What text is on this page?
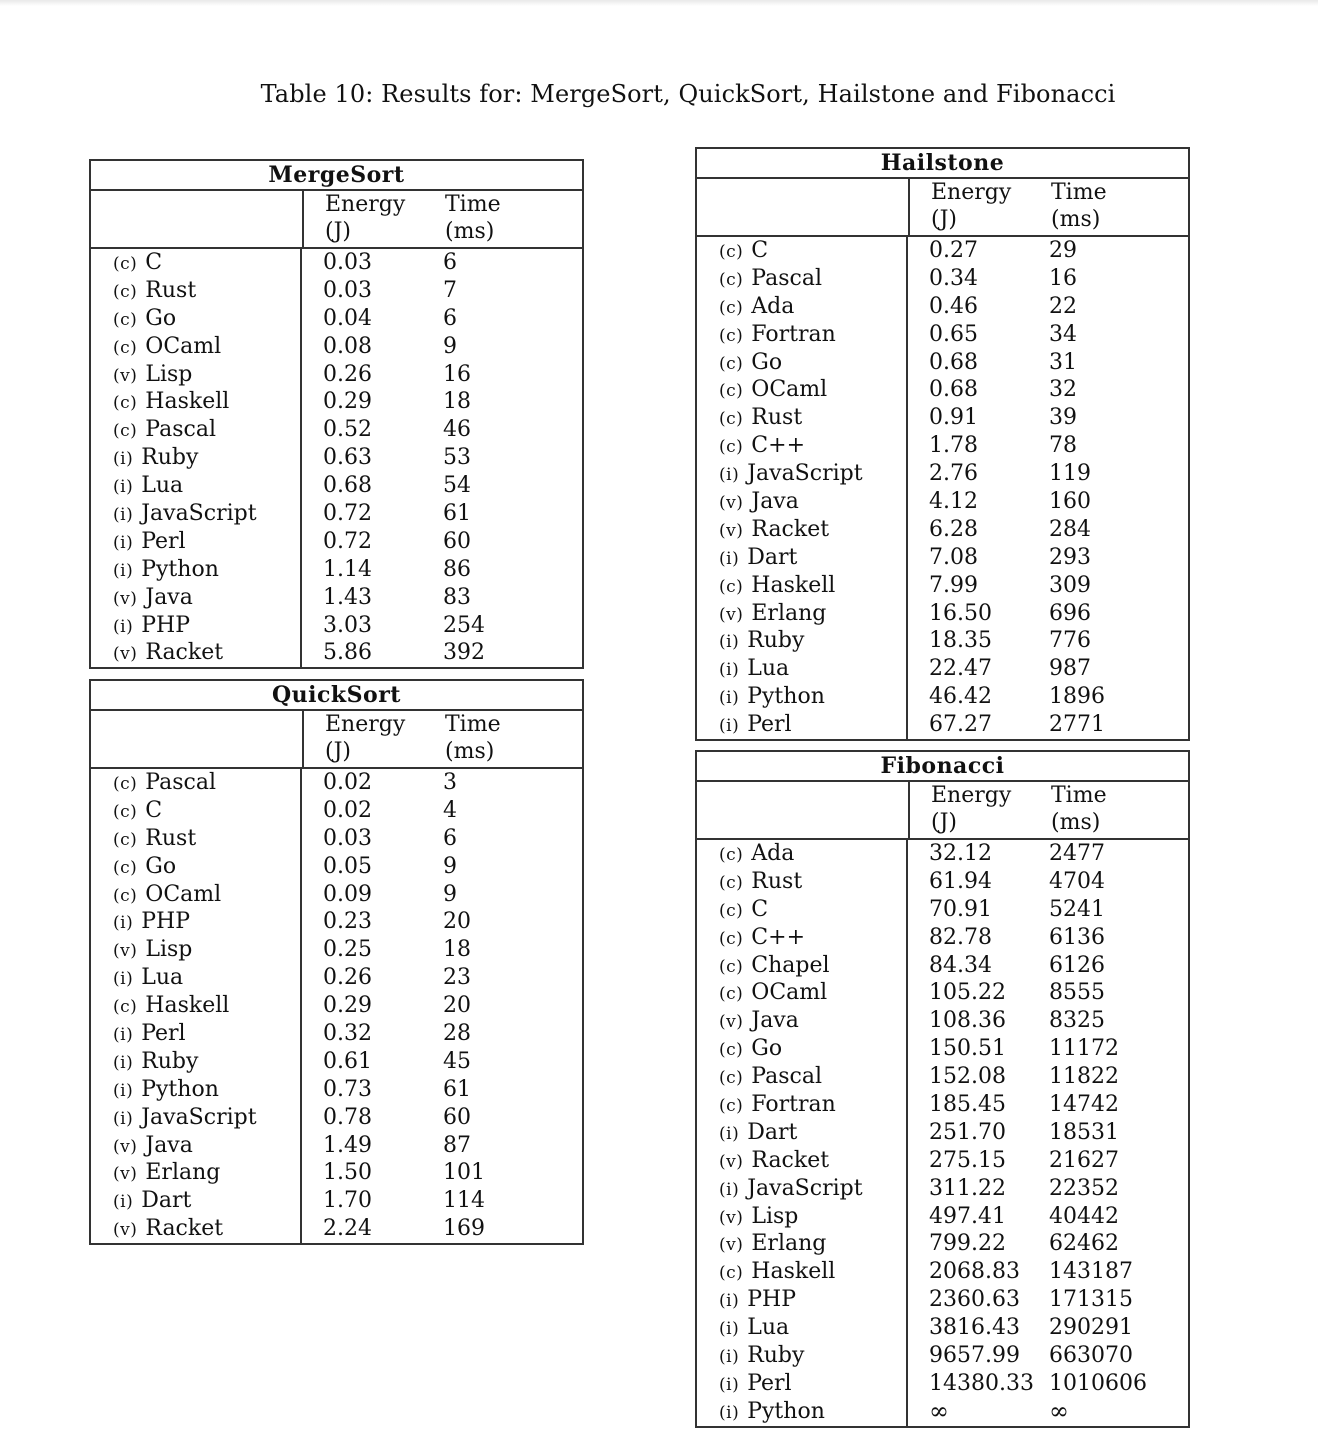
Table 10: Results for: MergeSort, QuickSort, Hailstone and Fibonacci
MergeSort
Energy
(J)
Time
(ms)
(c) C
(c) Rust
(c) Go
(c) OCaml
(v) Lisp
(c) Haskell
(c) Pascal
(i) Ruby
(i) Lua
(i) JavaScript
(i) Perl
(i) Python
(v) Java
(i) PHP
(v) Racket
0.03
0.03
0.04
0.08
0.26
0.29
0.52
0.63
0.68
0.72
0.72
1.14
1.43
3.03
5.86
6
7
6
9
16
18
46
53
54
61
60
86
83
254
392
QuickSort
Energy
(J)
Time
(ms)
(c) Pascal
(c) C
(c) Rust
(c) Go
(c) OCaml
(i) PHP
(v) Lisp
(i) Lua
(c) Haskell
(i) Perl
(i) Ruby
(i) Python
(i) JavaScript
(v) Java
(v) Erlang
(i) Dart
(v) Racket
0.02
0.02
0.03
0.05
0.09
0.23
0.25
0.26
0.29
0.32
0.61
0.73
0.78
1.49
1.50
1.70
2.24
3
4
6
9
9
20
18
23
20
28
45
61
60
87
101
114
169
Hailstone
Energy
(J)
Time
(ms)
(c) C
(c) Pascal
(c) Ada
(c) Fortran
(c) Go
(c) OCaml
(c) Rust
(c) C++
(i) JavaScript
(v) Java
(v) Racket
(i) Dart
(c) Haskell
(v) Erlang
(i) Ruby
(i) Lua
(i) Python
(i) Perl
0.27
0.34
0.46
0.65
0.68
0.68
0.91
1.78
2.76
4.12
6.28
7.08
7.99
16.50
18.35
22.47
46.42
67.27
29
16
22
34
31
32
39
78
119
160
284
293
309
696
776
987
1896
2771
Fibonacci
Energy
(J)
Time
(ms)
(c) Ada
(c) Rust
(c) C
(c) C++
(c) Chapel
(c) OCaml
(v) Java
(c) Go
(c) Pascal
(c) Fortran
(i) Dart
(v) Racket
(i) JavaScript
(v) Lisp
(v) Erlang
(c) Haskell
(i) PHP
(i) Lua
(i) Ruby
(i) Perl
(i) Python
32.12
61.94
70.91
82.78
84.34
105.22
108.36
150.51
152.08
185.45
251.70
275.15
311.22
497.41
799.22
2068.83
2360.63
3816.43
9657.99
14380.33
∞
2477
4704
5241
6136
6126
8555
8325
11172
11822
14742
18531
21627
22352
40442
62462
143187
171315
290291
663070
1010606
∞
